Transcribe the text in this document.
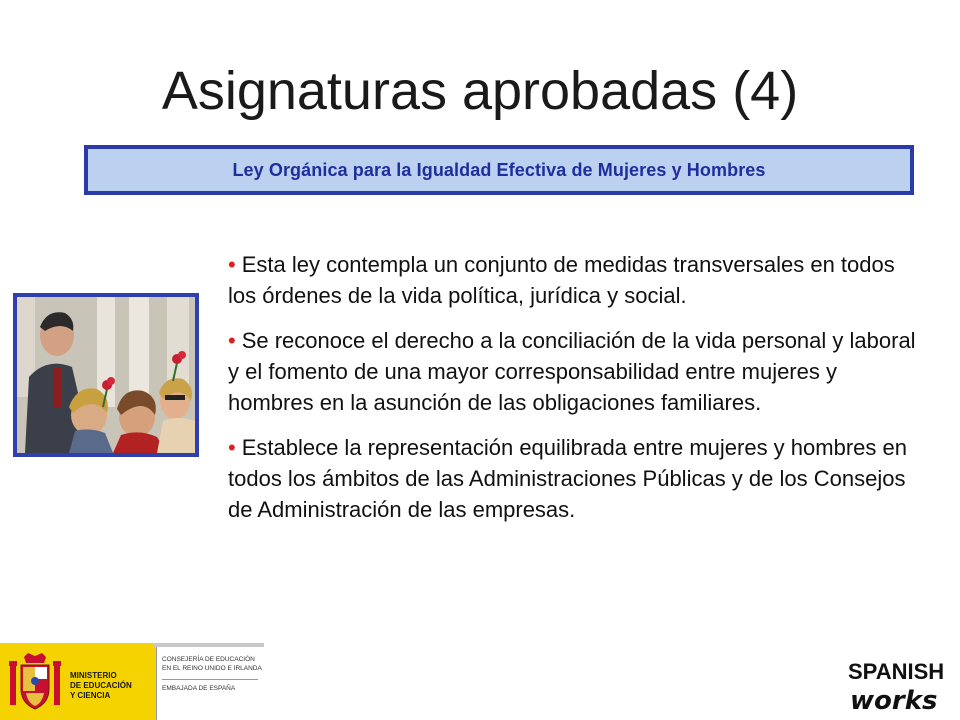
Asignaturas aprobadas (4)
Ley Orgánica para la Igualdad Efectiva de Mujeres y Hombres

• Esta ley contempla un conjunto de medidas transversales en todos los órdenes de la vida política, jurídica y social.

• Se reconoce el derecho a la conciliación de la vida personal y laboral y el fomento de una mayor corresponsabilidad entre mujeres y hombres en la asunción de las obligaciones familiares.

• Establece la representación equilibrada entre mujeres y hombres en todos los ámbitos de las Administraciones Públicas y de los Consejos de Administración de las empresas.

MINISTERIO
DE EDUCACIÓN
Y CIENCIA
CONSEJERÍA DE EDUCACIÓN
EN EL REINO UNIDO E IRLANDA
EMBAJADA DE ESPAÑA
SPANISH
works
